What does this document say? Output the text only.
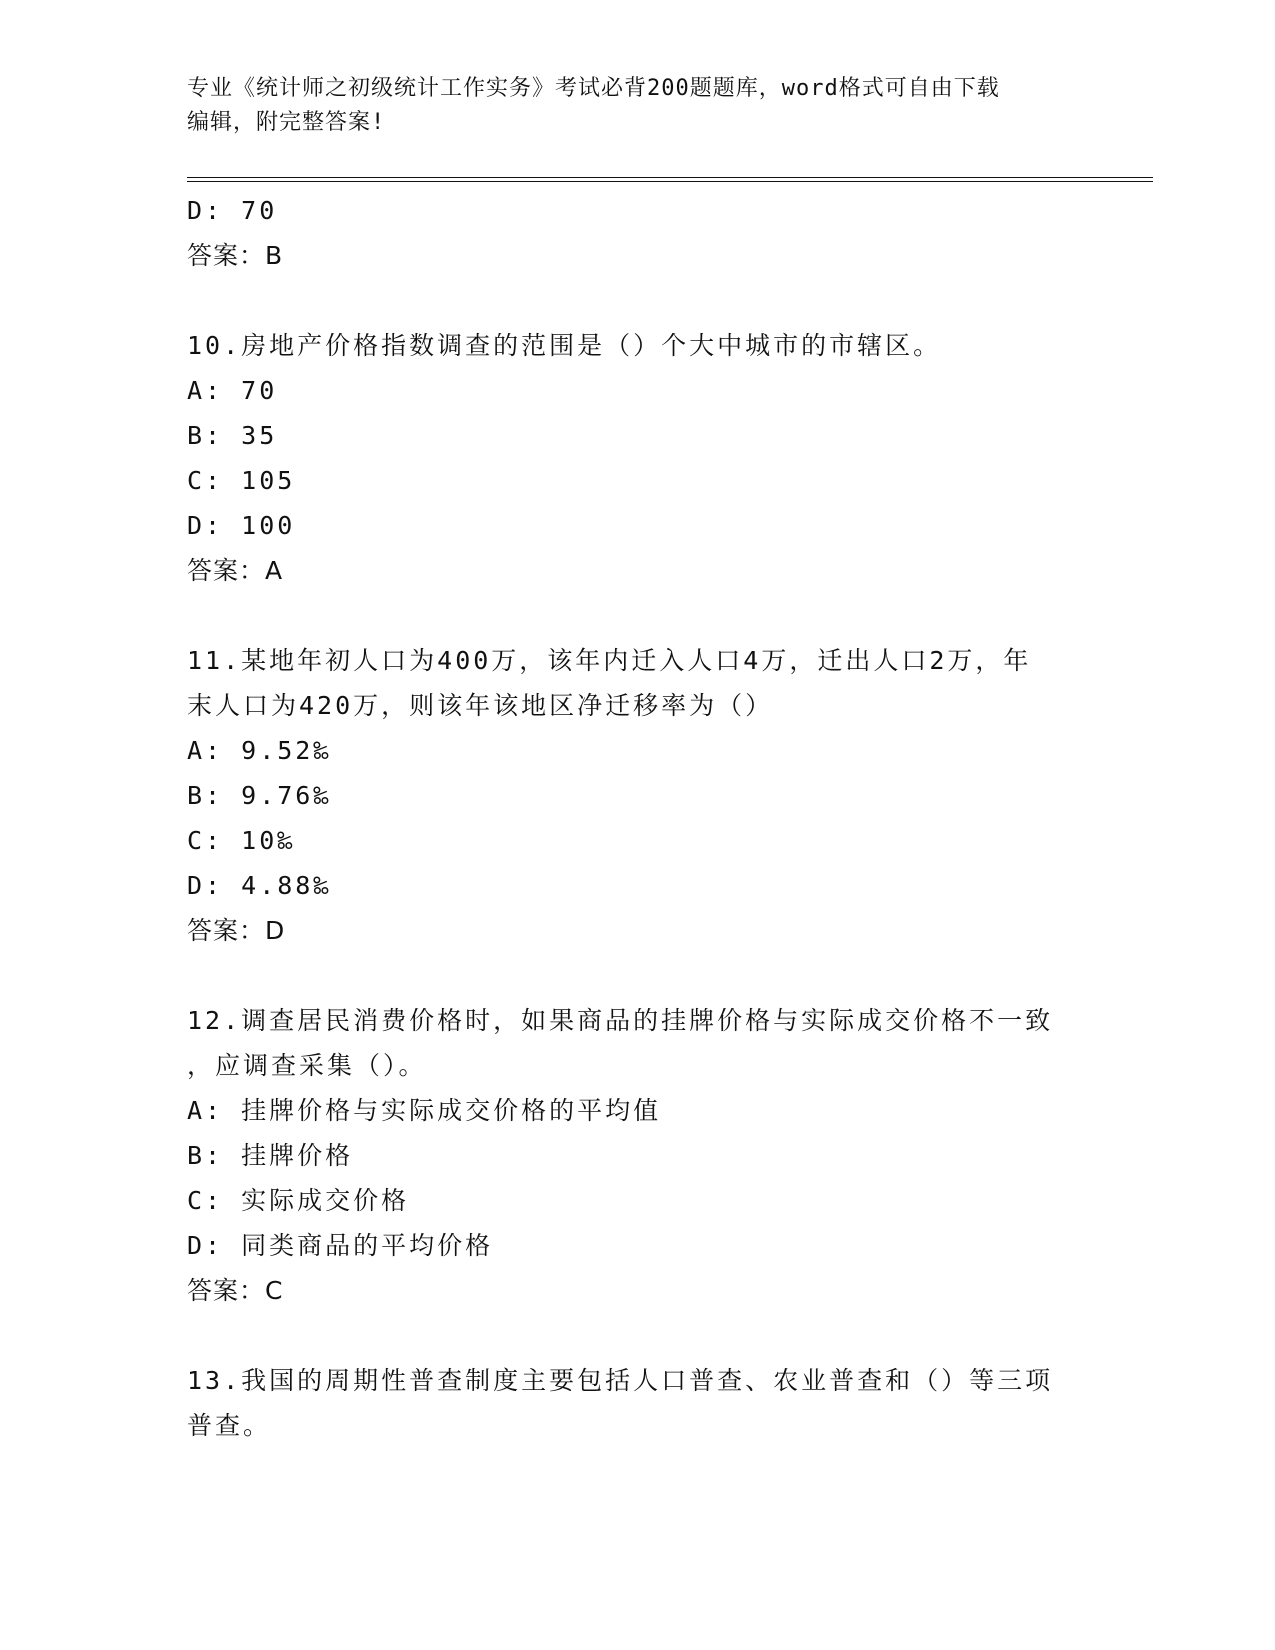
专业《统计师之初级统计工作实务》考试必背200题题库，word格式可自由下载
编辑，附完整答案!
D: 70
答案：B
10.房地产价格指数调查的范围是（）个大中城市的市辖区。
A: 70
B: 35
C: 105
D: 100
答案：A
11.某地年初人口为400万，该年内迁入人口4万，迁出人口2万，年
末人口为420万，则该年该地区净迁移率为（）
A: 9.52‰
B: 9.76‰
C: 10‰
D: 4.88‰
答案：D
12.调查居民消费价格时，如果商品的挂牌价格与实际成交价格不一致
，应调查采集（）。
A: 挂牌价格与实际成交价格的平均值
B: 挂牌价格
C: 实际成交价格
D: 同类商品的平均价格
答案：C
13.我国的周期性普查制度主要包括人口普查、农业普查和（）等三项
普查。
